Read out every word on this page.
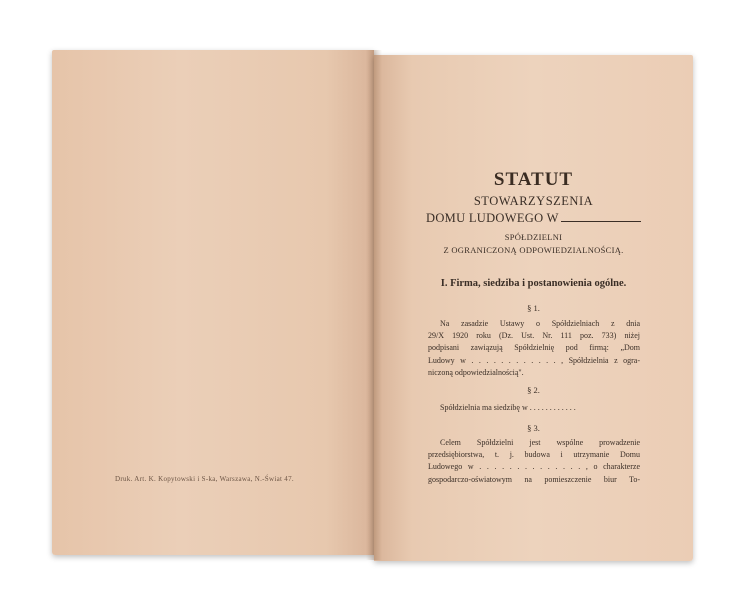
Druk. Art. K. Kopytowski i S-ka, Warszawa, N.-Świat 47.
STATUT
STOWARZYSZENIA
DOMU LUDOWEGO W
SPÓŁDZIELNI
Z OGRANICZONĄ ODPOWIEDZIALNOŚCIĄ.
I. Firma, siedziba i postanowienia ogólne.
§ 1.
Na zasadzie Ustawy o Spółdzielniach z dnia
29/X 1920 roku (Dz. Ust. Nr. 111 poz. 733) niżej
podpisani zawiązują Spółdzielnię pod firmą: „Dom
Ludowy w . . . . . . . . . . . . , Spółdzielnia z ogra-
niczoną odpowiedzialnością".
§ 2.
Spółdzielnia ma siedzibę w . . . . . . . . . . . .
§ 3.
Celem Spółdzielni jest wspólne prowadzenie
przedsiębiorstwa, t. j. budowa i utrzymanie Domu
Ludowego w . . . . . . . . . . . . . . , o charakterze
gospodarczo-oświatowym na pomieszczenie biur To-
